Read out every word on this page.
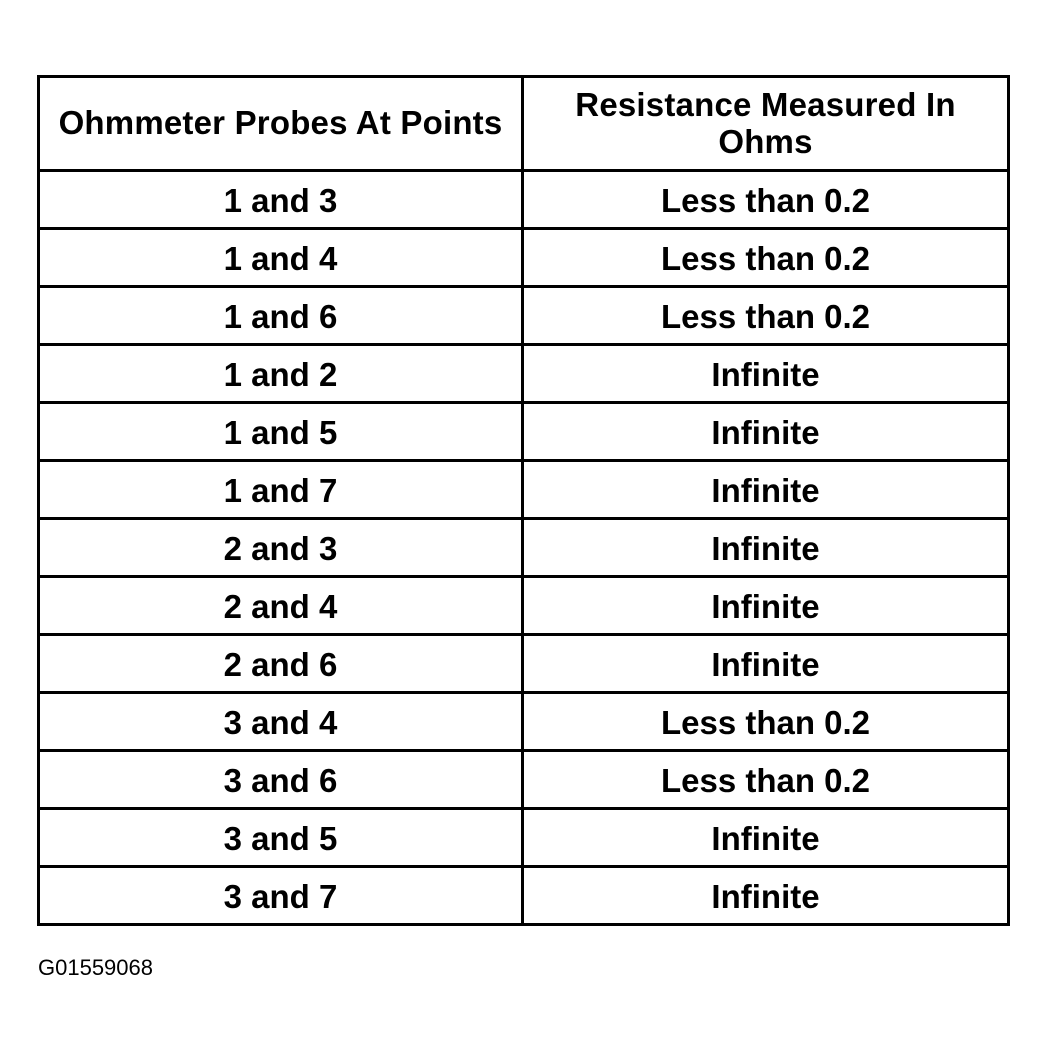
Ohmmeter Probes At Points	Resistance Measured In Ohms
1 and 3	Less than 0.2
1 and 4	Less than 0.2
1 and 6	Less than 0.2
1 and 2	Infinite
1 and 5	Infinite
1 and 7	Infinite
2 and 3	Infinite
2 and 4	Infinite
2 and 6	Infinite
3 and 4	Less than 0.2
3 and 6	Less than 0.2
3 and 5	Infinite
3 and 7	Infinite
G01559068
